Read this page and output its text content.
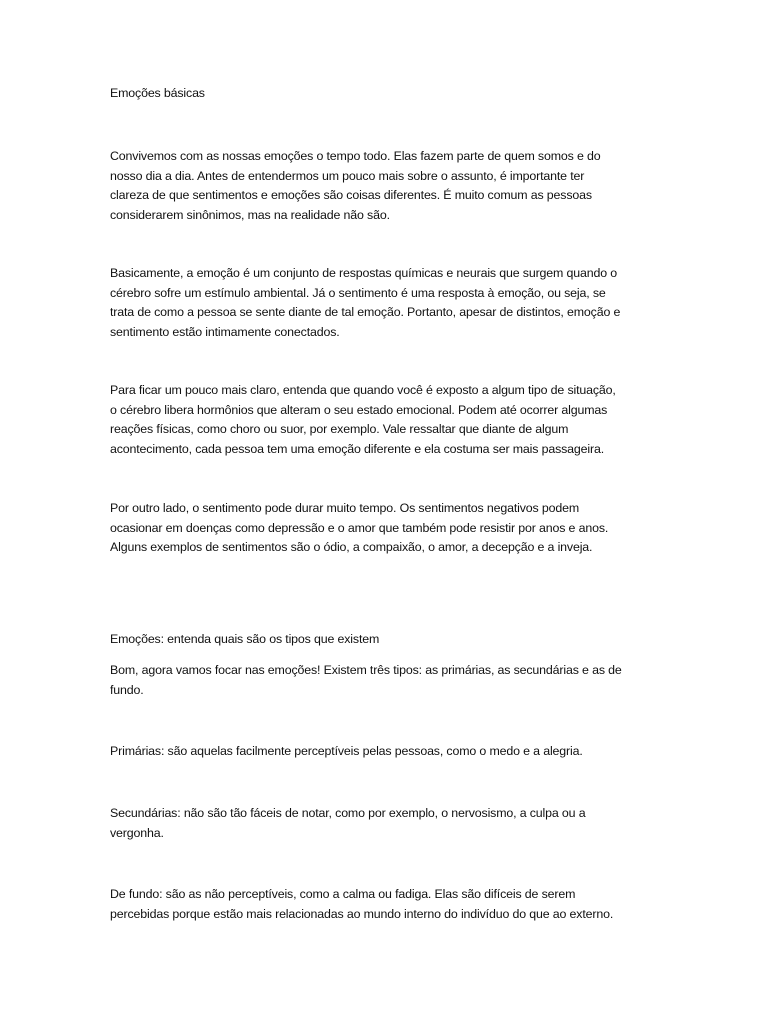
Emoções básicas
Convivemos com as nossas emoções o tempo todo. Elas fazem parte de quem somos e do
nosso dia a dia. Antes de entendermos um pouco mais sobre o assunto, é importante ter
clareza de que sentimentos e emoções são coisas diferentes. É muito comum as pessoas
considerarem sinônimos, mas na realidade não são.
Basicamente, a emoção é um conjunto de respostas químicas e neurais que surgem quando o
cérebro sofre um estímulo ambiental. Já o sentimento é uma resposta à emoção, ou seja, se
trata de como a pessoa se sente diante de tal emoção. Portanto, apesar de distintos, emoção e
sentimento estão intimamente conectados.
Para ficar um pouco mais claro, entenda que quando você é exposto a algum tipo de situação,
o cérebro libera hormônios que alteram o seu estado emocional. Podem até ocorrer algumas
reações físicas, como choro ou suor, por exemplo. Vale ressaltar que diante de algum
acontecimento, cada pessoa tem uma emoção diferente e ela costuma ser mais passageira.
Por outro lado, o sentimento pode durar muito tempo. Os sentimentos negativos podem
ocasionar em doenças como depressão e o amor que também pode resistir por anos e anos.
Alguns exemplos de sentimentos são o ódio, a compaixão, o amor, a decepção e a inveja.
Emoções: entenda quais são os tipos que existem
Bom, agora vamos focar nas emoções! Existem três tipos: as primárias, as secundárias e as de
fundo.
Primárias: são aquelas facilmente perceptíveis pelas pessoas, como o medo e a alegria.
Secundárias: não são tão fáceis de notar, como por exemplo, o nervosismo, a culpa ou a
vergonha.
De fundo: são as não perceptíveis, como a calma ou fadiga. Elas são difíceis de serem
percebidas porque estão mais relacionadas ao mundo interno do indivíduo do que ao externo.
